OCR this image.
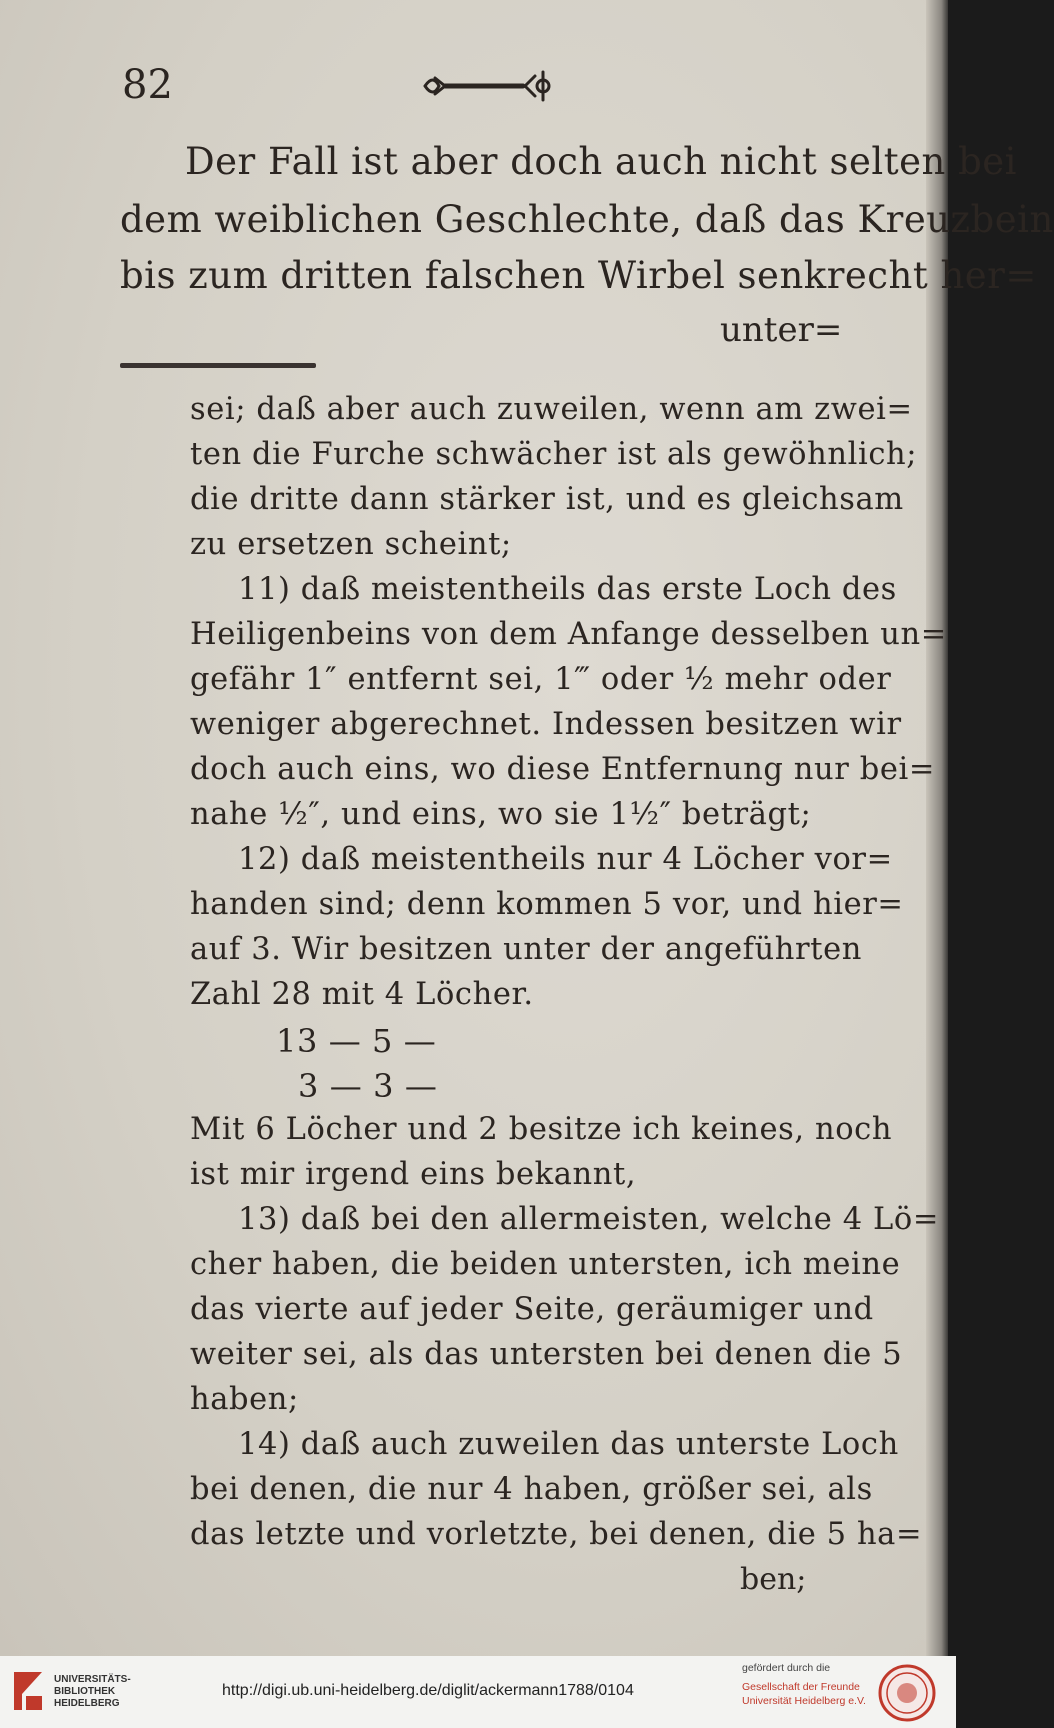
82
Der Fall ist aber doch auch nicht selten bei
dem weiblichen Geschlechte, daß das Kreuzbein
bis zum dritten falschen Wirbel senkrecht her=
unter=
sei; daß aber auch zuweilen, wenn am zwei=
ten die Furche schwächer ist als gewöhnlich;
die dritte dann stärker ist, und es gleichsam
zu ersetzen scheint;
11) daß meistentheils das erste Loch des
Heiligenbeins von dem Anfange desselben un=
gefähr 1″ entfernt sei, 1‴ oder ½ mehr oder
weniger abgerechnet. Indessen besitzen wir
doch auch eins, wo diese Entfernung nur bei=
nahe ½″, und eins, wo sie 1½″ beträgt;
12) daß meistentheils nur 4 Löcher vor=
handen sind; denn kommen 5 vor, und hier=
auf 3. Wir besitzen unter der angeführten
Zahl 28 mit 4 Löcher.
13 — 5 —
3 — 3 —
Mit 6 Löcher und 2 besitze ich keines, noch
ist mir irgend eins bekannt,
13) daß bei den allermeisten, welche 4 Lö=
cher haben, die beiden untersten, ich meine
das vierte auf jeder Seite, geräumiger und
weiter sei, als das untersten bei denen die 5
haben;
14) daß auch zuweilen das unterste Loch
bei denen, die nur 4 haben, größer sei, als
das letzte und vorletzte, bei denen, die 5 ha=
ben;
UNIVERSITÄTS-
BIBLIOTHEK
HEIDELBERG
http://digi.ub.uni-heidelberg.de/diglit/ackermann1788/0104
gefördert durch die
Gesellschaft der Freunde
Universität Heidelberg e.V.
